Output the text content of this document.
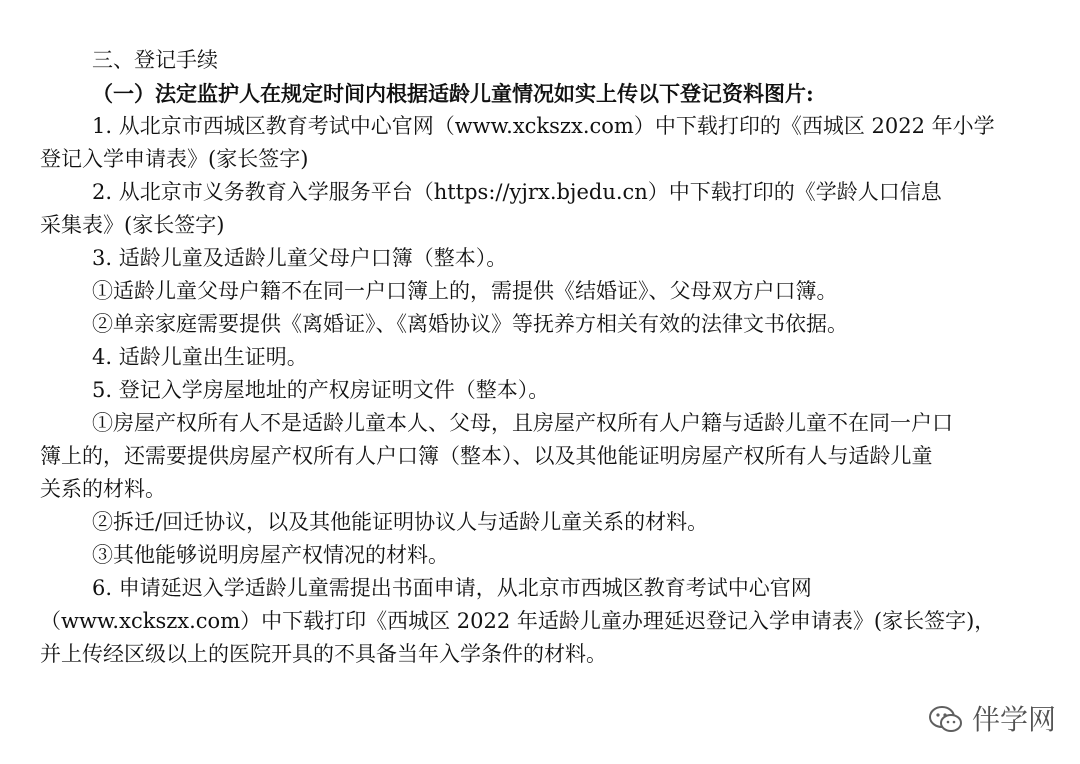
三、登记手续
（一）法定监护人在规定时间内根据适龄儿童情况如实上传以下登记资料图片:
1. 从北京市西城区教育考试中心官网（www.xckszx.com）中下载打印的《西城区 2022 年小学
登记入学申请表》(家长签字)
2. 从北京市义务教育入学服务平台（https://yjrx.bjedu.cn）中下载打印的《学龄人口信息
采集表》(家长签字)
3. 适龄儿童及适龄儿童父母户口簿（整本）。
①适龄儿童父母户籍不在同一户口簿上的，需提供《结婚证》、父母双方户口簿。
②单亲家庭需要提供《离婚证》、《离婚协议》等抚养方相关有效的法律文书依据。
4. 适龄儿童出生证明。
5. 登记入学房屋地址的产权房证明文件（整本）。
①房屋产权所有人不是适龄儿童本人、父母，且房屋产权所有人户籍与适龄儿童不在同一户口
簿上的，还需要提供房屋产权所有人户口簿（整本）、以及其他能证明房屋产权所有人与适龄儿童
关系的材料。
②拆迁/回迁协议，以及其他能证明协议人与适龄儿童关系的材料。
③其他能够说明房屋产权情况的材料。
6. 申请延迟入学适龄儿童需提出书面申请，从北京市西城区教育考试中心官网
（www.xckszx.com）中下载打印《西城区 2022 年适龄儿童办理延迟登记入学申请表》(家长签字)，
并上传经区级以上的医院开具的不具备当年入学条件的材料。
伴学网
